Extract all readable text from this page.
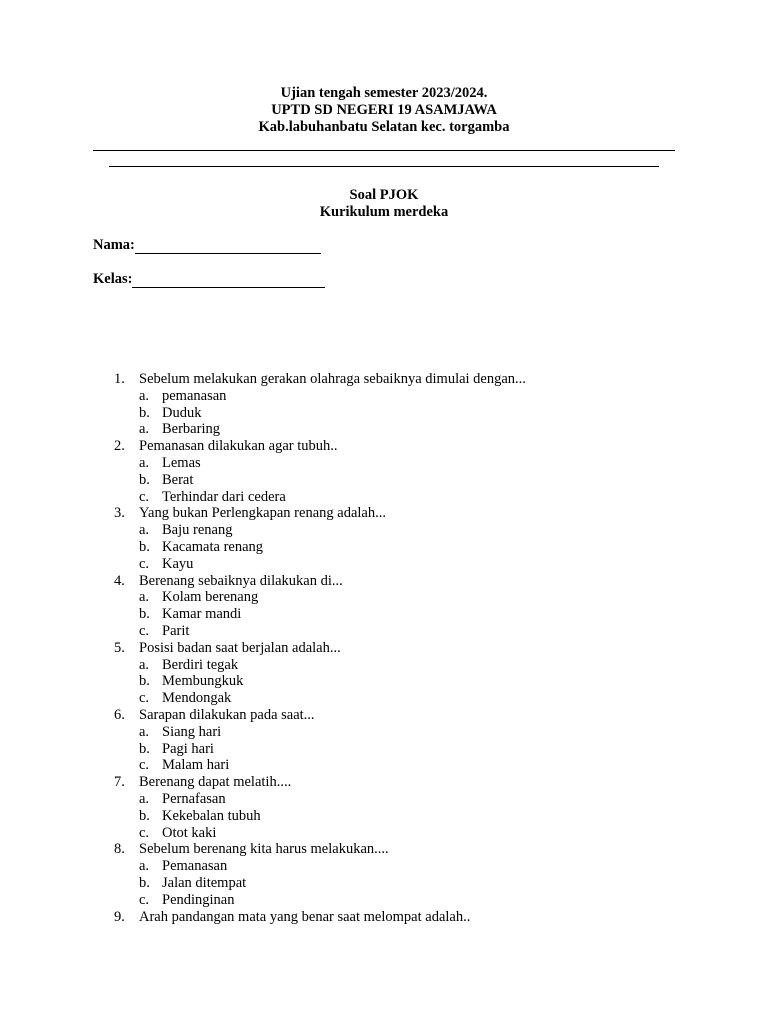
Ujian tengah semester 2023/2024.
UPTD SD NEGERI 19 ASAMJAWA
Kab.labuhanbatu Selatan kec. torgamba
Soal PJOK
Kurikulum merdeka
Nama:
Kelas:
1. Sebelum melakukan gerakan olahraga sebaiknya dimulai dengan...
a. pemanasan
b. Duduk
a. Berbaring
2. Pemanasan dilakukan agar tubuh..
a. Lemas
b. Berat
c. Terhindar dari cedera
3. Yang bukan Perlengkapan renang adalah...
a. Baju renang
b. Kacamata renang
c. Kayu
4. Berenang sebaiknya dilakukan di...
a. Kolam berenang
b. Kamar mandi
c. Parit
5. Posisi badan saat berjalan adalah...
a. Berdiri tegak
b. Membungkuk
c. Mendongak
6. Sarapan dilakukan pada saat...
a. Siang hari
b. Pagi hari
c. Malam hari
7. Berenang dapat melatih....
a. Pernafasan
b. Kekebalan tubuh
c. Otot kaki
8. Sebelum berenang kita harus melakukan....
a. Pemanasan
b. Jalan ditempat
c. Pendinginan
9. Arah pandangan mata yang benar saat melompat adalah..
